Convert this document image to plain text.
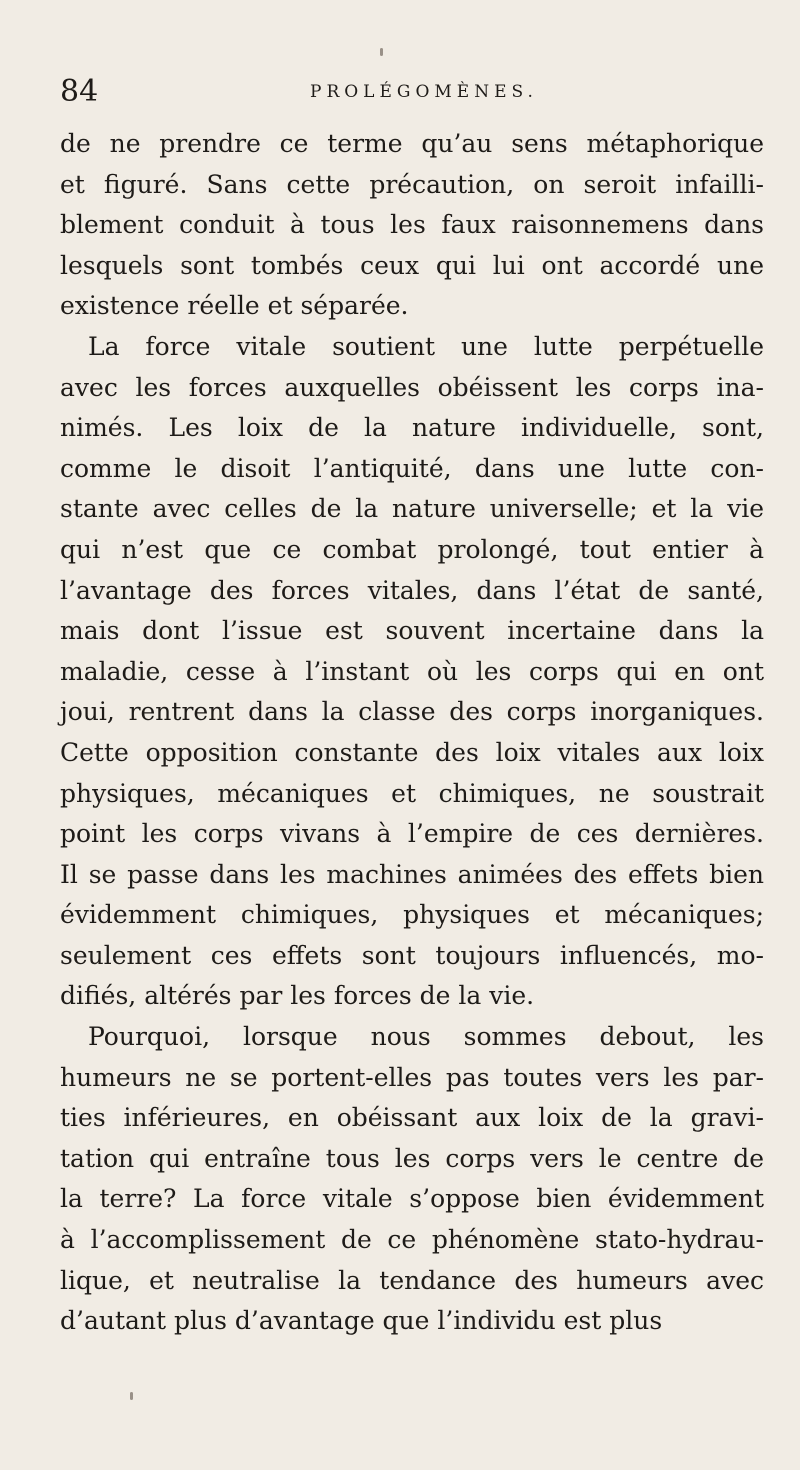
84	PROLÉGOMÈNES.
de ne prendre ce terme qu’au sens métaphorique
et figuré. Sans cette précaution, on seroit infailli-
blement conduit à tous les faux raisonnemens dans
lesquels sont tombés ceux qui lui ont accordé une
existence réelle et séparée.
La force vitale soutient une lutte perpétuelle
avec les forces auxquelles obéissent les corps ina-
nimés. Les loix de la nature individuelle, sont,
comme le disoit l’antiquité, dans une lutte con-
stante avec celles de la nature universelle; et la vie
qui n’est que ce combat prolongé, tout entier à
l’avantage des forces vitales, dans l’état de santé,
mais dont l’issue est souvent incertaine dans la
maladie, cesse à l’instant où les corps qui en ont
joui, rentrent dans la classe des corps inorganiques.
Cette opposition constante des loix vitales aux loix
physiques, mécaniques et chimiques, ne soustrait
point les corps vivans à l’empire de ces dernières.
Il se passe dans les machines animées des effets bien
évidemment chimiques, physiques et mécaniques;
seulement ces effets sont toujours influencés, mo-
difiés, altérés par les forces de la vie.
Pourquoi, lorsque nous sommes debout, les
humeurs ne se portent-elles pas toutes vers les par-
ties inférieures, en obéissant aux loix de la gravi-
tation qui entraîne tous les corps vers le centre de
la terre? La force vitale s’oppose bien évidemment
à l’accomplissement de ce phénomène stato-hydrau-
lique, et neutralise la tendance des humeurs avec
d’autant plus d’avantage que l’individu est plus
